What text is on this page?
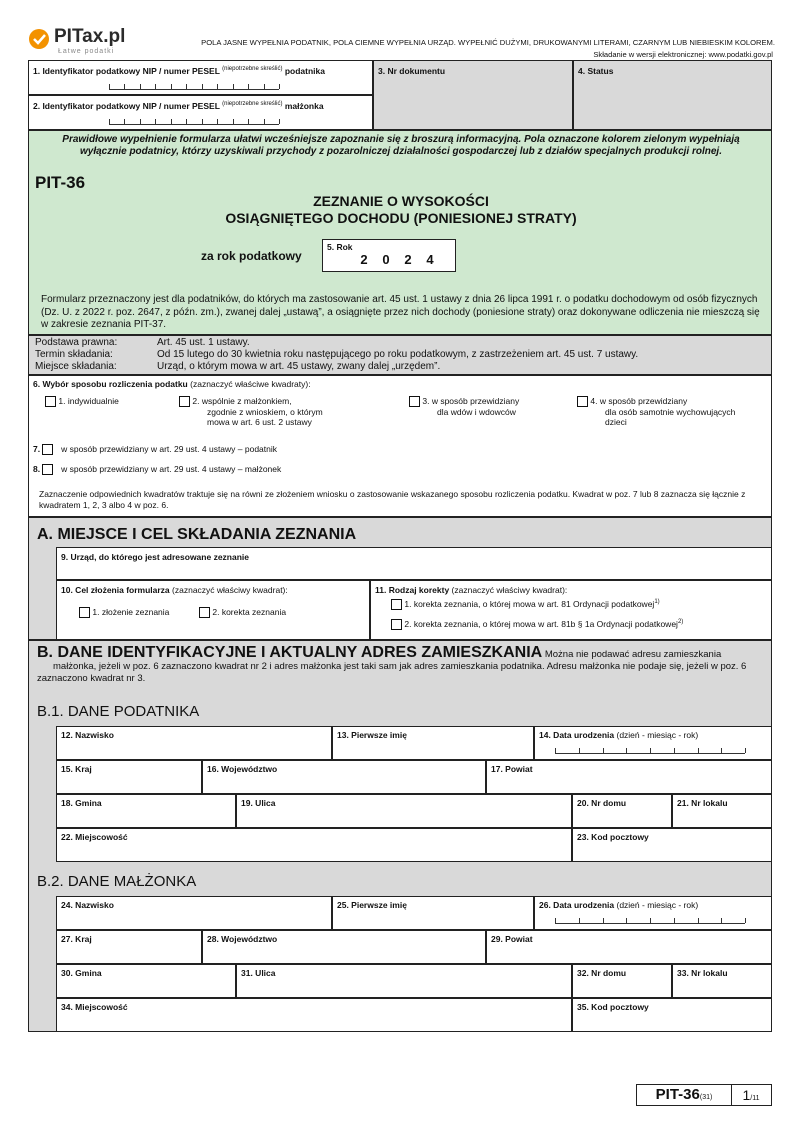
PITax.pl
Łatwe podatki
POLA JASNE WYPEŁNIA PODATNIK, POLA CIEMNE WYPEŁNIA URZĄD. WYPEŁNIĆ DUŻYMI, DRUKOWANYMI LITERAMI, CZARNYM LUB NIEBIESKIM KOLOREM.
Składanie w wersji elektronicznej: www.podatki.gov.pl
1. Identyfikator podatkowy NIP / numer PESEL $^{(niepotrzebne skreślić)}$ podatnika
2. Identyfikator podatkowy NIP / numer PESEL $^{(niepotrzebne skreślić)}$ małżonka
3. Nr dokumentu	4. Status
Prawidłowe wypełnienie formularza ułatwi wcześniejsze zapoznanie się z broszurą informacyjną. Pola oznaczone kolorem zielonym wypełniają wyłącznie podatnicy, którzy uzyskiwali przychody z pozarolniczej działalności gospodarczej lub z działów specjalnych produkcji rolnej.
PIT-36
ZEZNANIE O WYSOKOŚCI
OSIĄGNIĘTEGO DOCHODU (PONIESIONEJ STRATY)
za rok podatkowy
5. Rok
2 0 2 4
Formularz przeznaczony jest dla podatników, do których ma zastosowanie art. 45 ust. 1 ustawy z dnia 26 lipca 1991 r. o podatku dochodowym od osób fizycznych (Dz. U. z 2022 r. poz. 2647, z późn. zm.), zwanej dalej „ustawą”, a osiągnięte przez nich dochody (poniesione straty) oraz dokonywane odliczenia nie mieszczą się w zakresie zeznania PIT-37.
Podstawa prawna:	Art. 45 ust. 1 ustawy.
Termin składania:	Od 15 lutego do 30 kwietnia roku następującego po roku podatkowym, z zastrzeżeniem art. 45 ust. 7 ustawy.
Miejsce składania:	Urząd, o którym mowa w art. 45 ustawy, zwany dalej „urzędem”.
6. Wybór sposobu rozliczenia podatku (zaznaczyć właściwe kwadraty):
1. indywidualnie	2. wspólnie z małżonkiem,
zgodnie z wnioskiem, o którym
mowa w art. 6 ust. 2 ustawy
3. w sposób przewidziany
dla wdów i wdowców
4. w sposób przewidziany
dla osób samotnie wychowujących
dzieci
7. w sposób przewidziany w art. 29 ust. 4 ustawy – podatnik
8. w sposób przewidziany w art. 29 ust. 4 ustawy – małżonek
Zaznaczenie odpowiednich kwadratów traktuje się na równi ze złożeniem wniosku o zastosowanie wskazanego sposobu rozliczenia podatku. Kwadrat w poz. 7 lub 8 zaznacza się łącznie z kwadratem 1, 2, 3 albo 4 w poz. 6.
A. MIEJSCE I CEL SKŁADANIA ZEZNANIA
9. Urząd, do którego jest adresowane zeznanie
10. Cel złożenia formularza (zaznaczyć właściwy kwadrat):
1. złożenie zeznania	2. korekta zeznania
11. Rodzaj korekty (zaznaczyć właściwy kwadrat):
1. korekta zeznania, o której mowa w art. 81 Ordynacji podatkowej$^{1)}$
2. korekta zeznania, o której mowa w art. 81b § 1a Ordynacji podatkowej$^{2)}$
B. DANE IDENTYFIKACYJNE I AKTUALNY ADRES ZAMIESZKANIA Można nie podawać adresu zamieszkania małżonka, jeżeli w poz. 6 zaznaczono kwadrat nr 2 i adres małżonka jest taki sam jak adres zamieszkania podatnika. Adresu małżonka nie podaje się, jeżeli w poz. 6 zaznaczono kwadrat nr 3.
B.1. DANE PODATNIKA
B.2. DANE MAŁŻONKA
12. Nazwisko	13. Pierwsze imię	14. Data urodzenia (dzień - miesiąc - rok)
15. Kraj	16. Województwo	17. Powiat
18. Gmina	19. Ulica	20. Nr domu	21. Nr lokalu
22. Miejscowość	23. Kod pocztowy
24. Nazwisko	25. Pierwsze imię	26. Data urodzenia (dzień - miesiąc - rok)
27. Kraj	28. Województwo	29. Powiat
30. Gmina	31. Ulica	32. Nr domu	33. Nr lokalu
34. Miejscowość	35. Kod pocztowy
PIT-36(31)	1/11
